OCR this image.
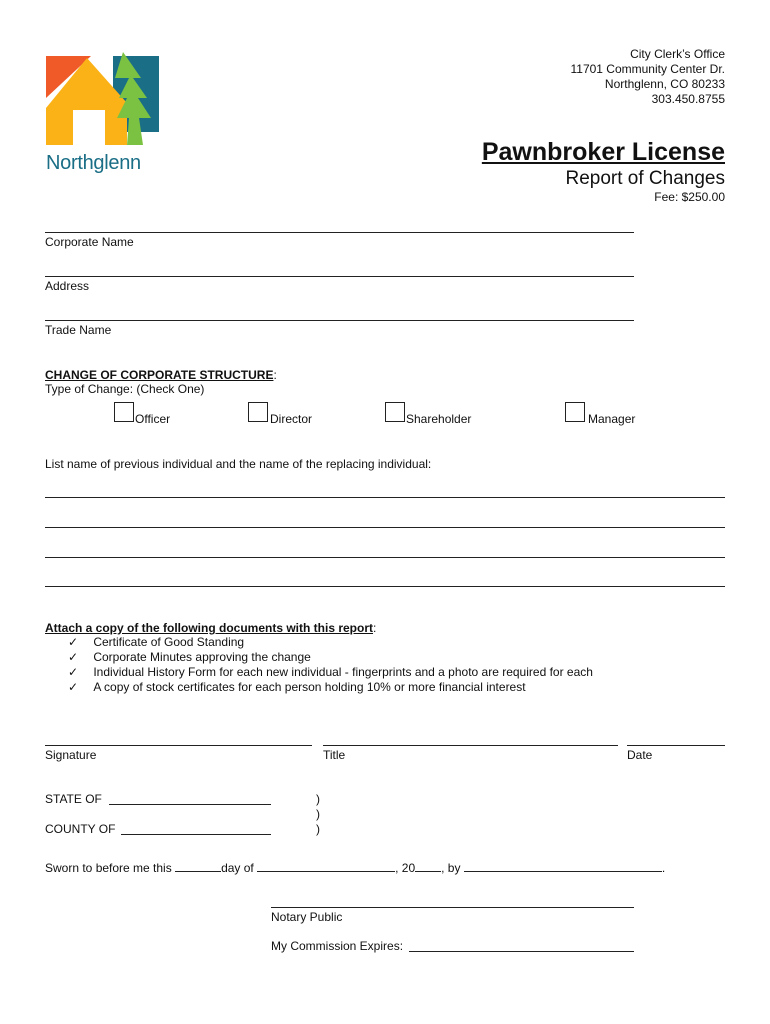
Northglenn
City Clerk’s Office
11701 Community Center Dr.
Northglenn, CO 80233
303.450.8755
Pawnbroker License
Report of Changes
Fee: $250.00
Corporate Name
Address
Trade Name
CHANGE OF CORPORATE STRUCTURE:
Type of Change: (Check One)
Officer	Director	Shareholder	Manager
List name of previous individual and the name of the replacing individual:
Attach a copy of the following documents with this report:
✓ Certificate of Good Standing
✓ Corporate Minutes approving the change
✓ Individual History Form for each new individual - fingerprints and a photo are required for each
✓ A copy of stock certificates for each person holding 10% or more financial interest
Signature	Title	Date
STATE OF
COUNTY OF
)
)
)
Sworn to before me this	day of	, 20 , by	.
Notary Public
My Commission Expires:
